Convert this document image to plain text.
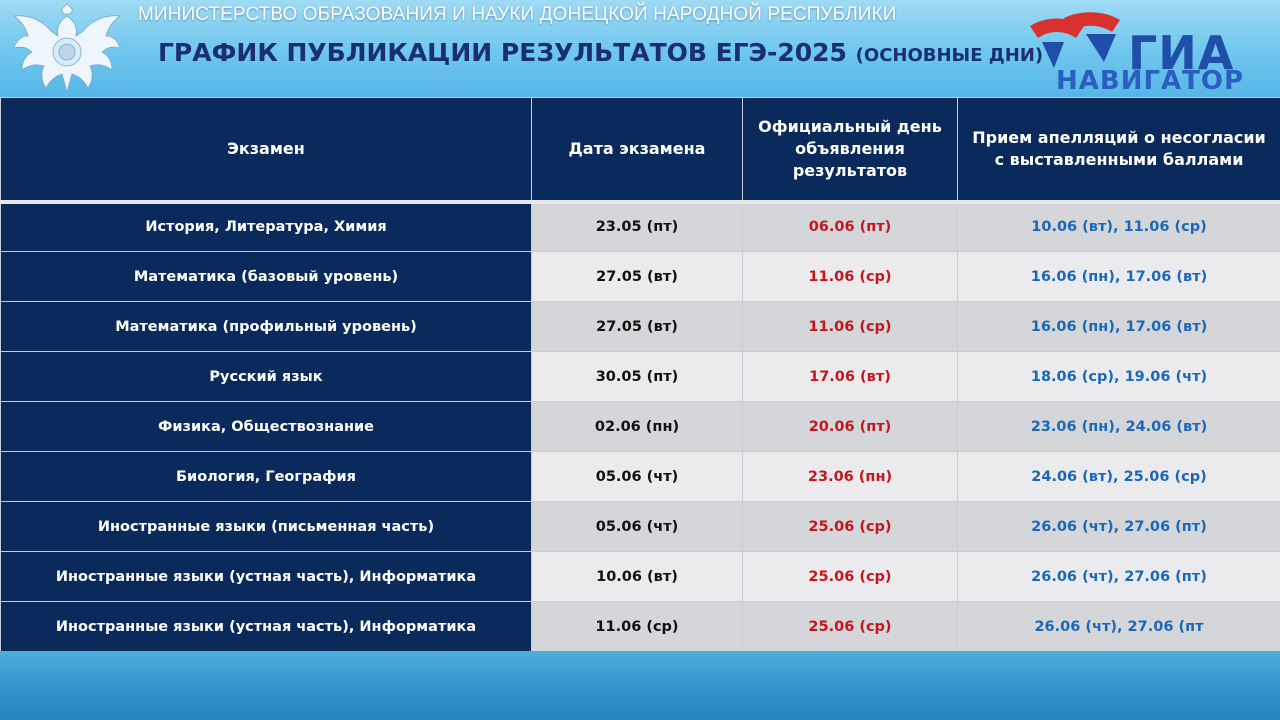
МИНИСТЕРСТВО ОБРАЗОВАНИЯ И НАУКИ ДОНЕЦКОЙ НАРОДНОЙ РЕСПУБЛИКИ
ГРАФИК ПУБЛИКАЦИИ РЕЗУЛЬТАТОВ ЕГЭ-2025 (ОСНОВНЫЕ ДНИ) ГИА
НАВИГАТОР
Экзамен	Дата экзамена	Официальный день объявления результатов	Прием апелляций о несогласии с выставленными баллами
История, Литература, Химия	23.05 (пт)	06.06 (пт)	10.06 (вт), 11.06 (ср)
Математика (базовый уровень)	27.05 (вт)	11.06 (ср)	16.06 (пн), 17.06 (вт)
Математика (профильный уровень)	27.05 (вт)	11.06 (ср)	16.06 (пн), 17.06 (вт)
Русский язык	30.05 (пт)	17.06 (вт)	18.06 (ср), 19.06 (чт)
Физика, Обществознание	02.06 (пн)	20.06 (пт)	23.06 (пн), 24.06 (вт)
Биология, География	05.06 (чт)	23.06 (пн)	24.06 (вт), 25.06 (ср)
Иностранные языки (письменная часть)	05.06 (чт)	25.06 (ср)	26.06 (чт), 27.06 (пт)
Иностранные языки (устная часть), Информатика	10.06 (вт)	25.06 (ср)	26.06 (чт), 27.06 (пт)
Иностранные языки (устная часть), Информатика	11.06 (ср)	25.06 (ср)	26.06 (чт), 27.06 (пт
